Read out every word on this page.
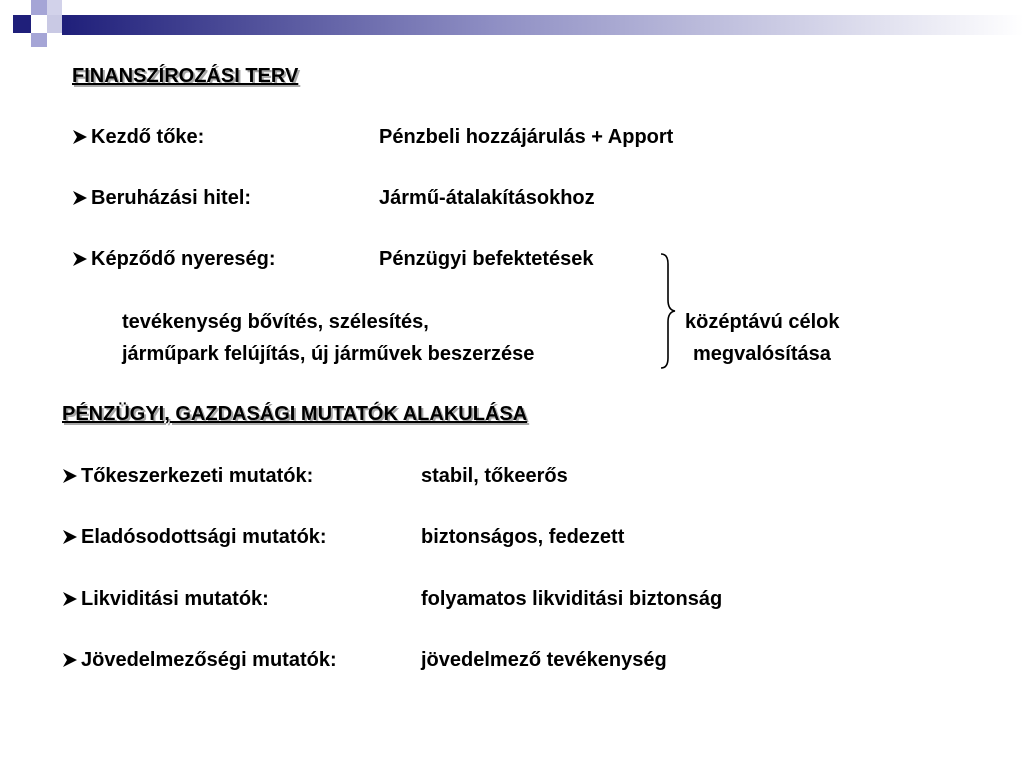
FINANSZÍROZÁSI TERV
Kezdő tőke:	Pénzbeli hozzájárulás + Apport
Beruházási hitel:	Jármű-átalakításokhoz
Képződő nyereség:	Pénzügyi befektetések
tevékenység bővítés, szélesítés,
járműpark felújítás, új járművek beszerzése
középtávú célok
megvalósítása
PÉNZÜGYI, GAZDASÁGI MUTATÓK ALAKULÁSA
Tőkeszerkezeti mutatók:	stabil, tőkeerős
Eladósodottsági mutatók:	biztonságos, fedezett
Likviditási mutatók:	folyamatos likviditási biztonság
Jövedelmezőségi mutatók:	jövedelmező tevékenység
